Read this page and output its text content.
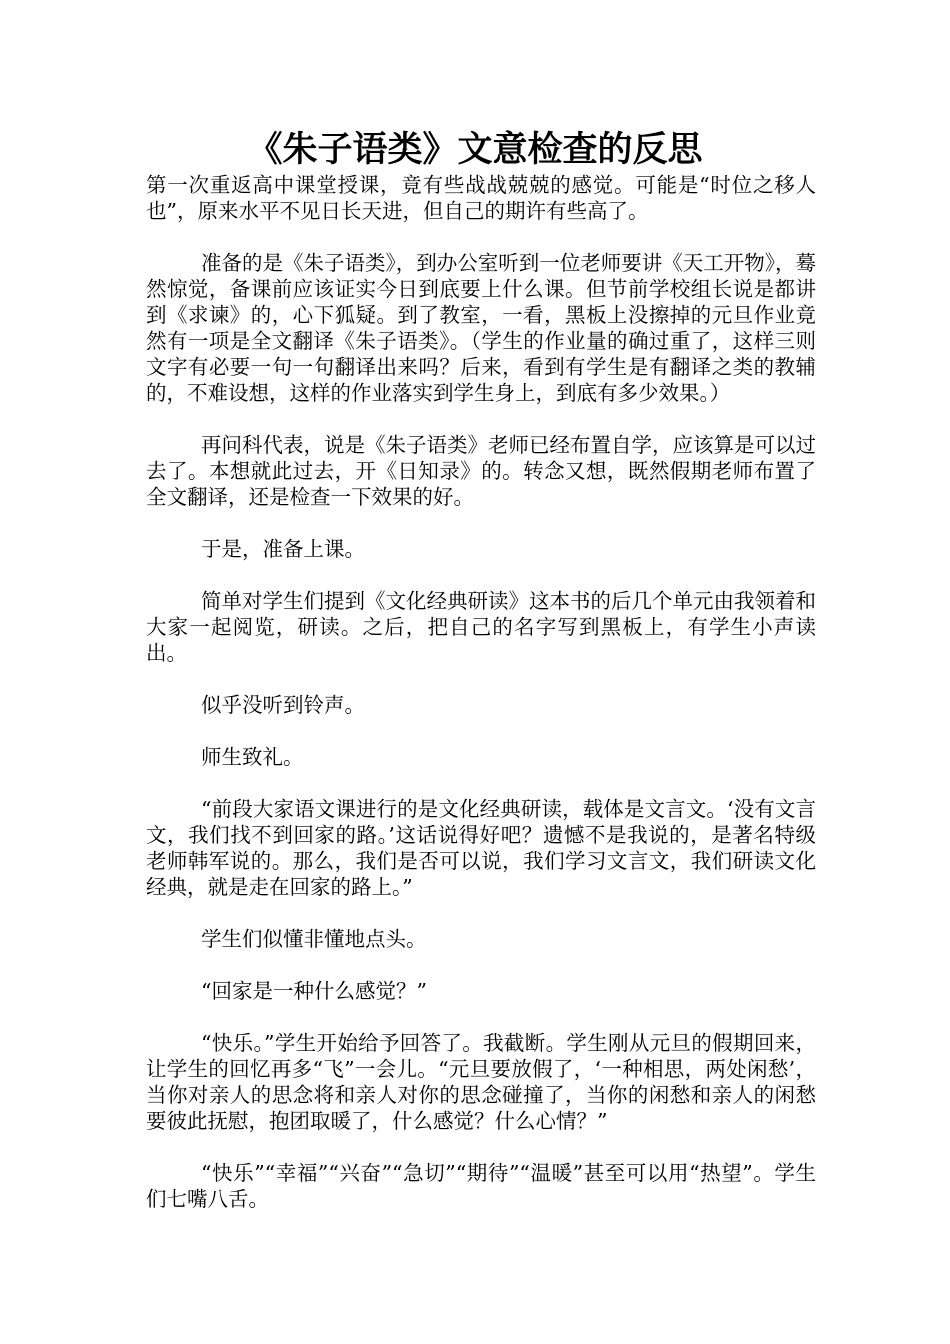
《朱子语类》文意检查的反思

第一次重返高中课堂授课，竟有些战战兢兢的感觉。可能是“时位之移人也”，原来水平不见日长天进，但自己的期许有些高了。

准备的是《朱子语类》，到办公室听到一位老师要讲《天工开物》，蓦然惊觉，备课前应该证实今日到底要上什么课。但节前学校组长说是都讲到《求谏》的，心下狐疑。到了教室，一看，黑板上没擦掉的元旦作业竟然有一项是全文翻译《朱子语类》。（学生的作业量的确过重了，这样三则文字有必要一句一句翻译出来吗？后来，看到有学生是有翻译之类的教辅的，不难设想，这样的作业落实到学生身上，到底有多少效果。）

再问科代表，说是《朱子语类》老师已经布置自学，应该算是可以过去了。本想就此过去，开《日知录》的。转念又想，既然假期老师布置了全文翻译，还是检查一下效果的好。

于是，准备上课。

简单对学生们提到《文化经典研读》这本书的后几个单元由我领着和大家一起阅览，研读。之后，把自己的名字写到黑板上，有学生小声读出。

似乎没听到铃声。

师生致礼。

“前段大家语文课进行的是文化经典研读，载体是文言文。‘没有文言文，我们找不到回家的路。’这话说得好吧？遗憾不是我说的，是著名特级老师韩军说的。那么，我们是否可以说，我们学习文言文，我们研读文化经典，就是走在回家的路上。”

学生们似懂非懂地点头。

“回家是一种什么感觉？”

“快乐。”学生开始给予回答了。我截断。学生刚从元旦的假期回来，让学生的回忆再多“飞”一会儿。“元旦要放假了，‘一种相思，两处闲愁’，当你对亲人的思念将和亲人对你的思念碰撞了，当你的闲愁和亲人的闲愁要彼此抚慰，抱团取暖了，什么感觉？什么心情？”

“快乐”“幸福”“兴奋”“急切”“期待”“温暖”甚至可以用“热望”。学生们七嘴八舌。
